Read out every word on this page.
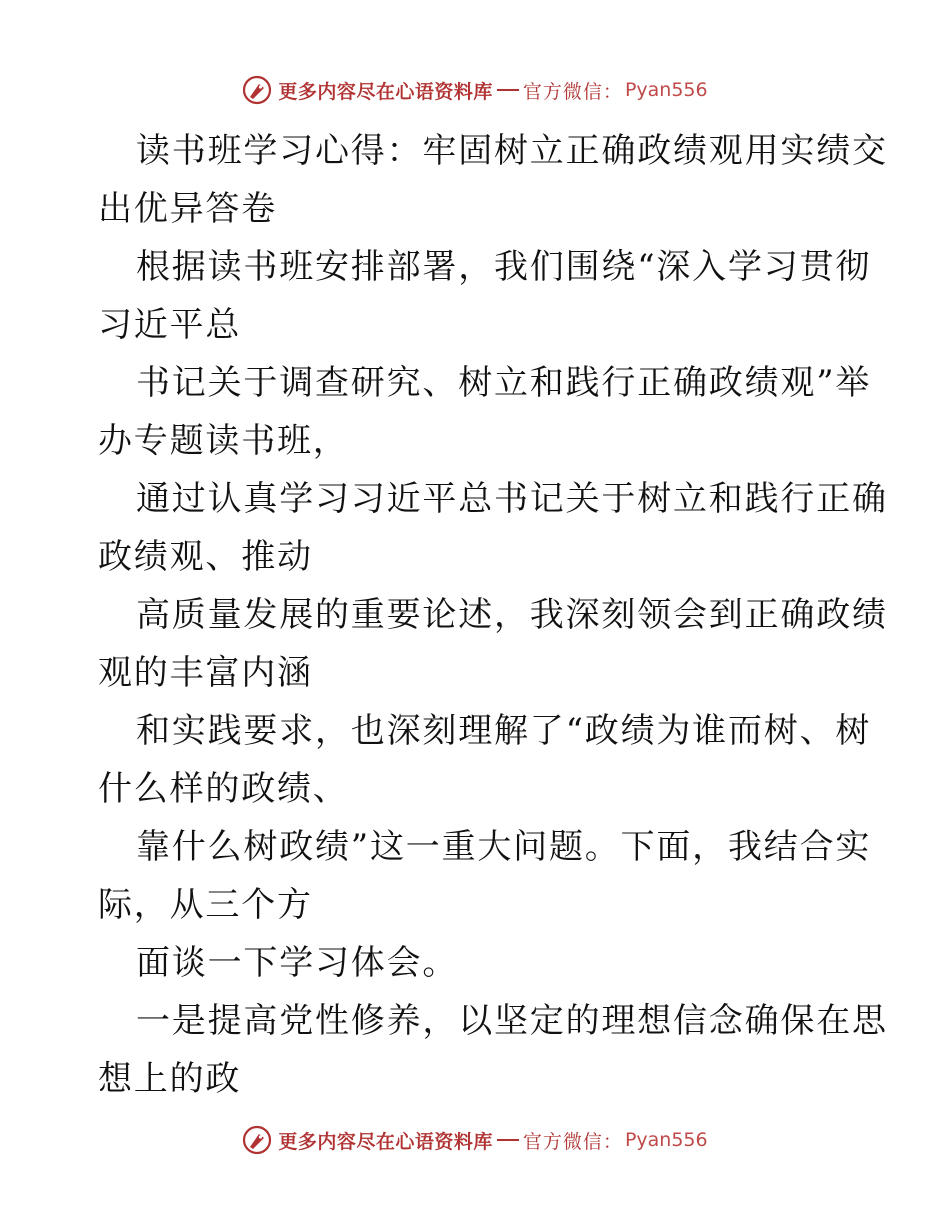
更多内容尽在心语资料库 官方微信： Pyan556
读书班学习心得：牢固树立正确政绩观用实绩交
出优异答卷
根据读书班安排部署，我们围绕“深入学习贯彻
习近平总
书记关于调查研究、树立和践行正确政绩观”举
办专题读书班，
通过认真学习习近平总书记关于树立和践行正确
政绩观、推动
高质量发展的重要论述，我深刻领会到正确政绩
观的丰富内涵
和实践要求，也深刻理解了“政绩为谁而树、树
什么样的政绩、
靠什么树政绩”这一重大问题。下面，我结合实
际，从三个方
面谈一下学习体会。
一是提高党性修养，以坚定的理想信念确保在思
想上的政
更多内容尽在心语资料库 官方微信： Pyan556
